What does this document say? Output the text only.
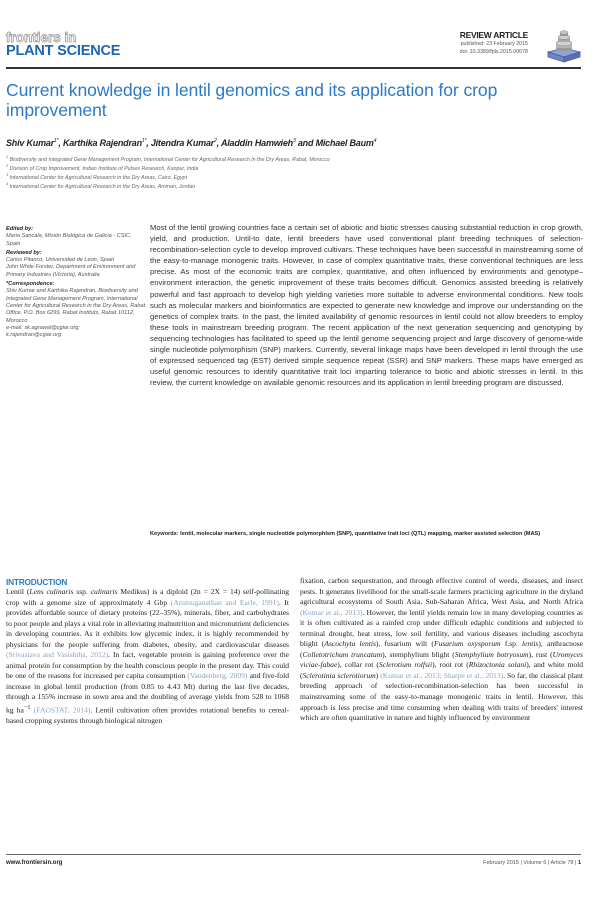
frontiers in
PLANT SCIENCE
REVIEW ARTICLE
published: 23 February 2015
doi: 10.3389/fpls.2015.00078
Current knowledge in lentil genomics and its application for crop improvement
Shiv Kumar$^{1*}$, Karthika Rajendran$^{1*}$, Jitendra Kumar$^2$, Aladdin Hamwieh$^3$ and Michael Baum$^4$
$^1$ Biodiversity and Integrated Gene Management Program, International Center for Agricultural Research in the Dry Areas, Rabat, Morocco
$^2$ Division of Crop Improvement, Indian Institute of Pulses Research, Kanpur, India
$^3$ International Center for Agricultural Research in the Dry Areas, Cairo, Egypt
$^4$ International Center for Agricultural Research in the Dry Areas, Amman, Jordan

Edited by:
Maria Sancala, Misión Biológica de Galicia - CSIC, Spain

Reviewed by:
Carlos Pitanco, Universidad de Leon, Spain
John White Forster, Department of Environment and Primary Industries (Victoria), Australia

*Correspondence:
Shiv Kumar and Karthika Rajendran, Biodiversity and Integrated Gene Management Program, International Center for Agricultural Research in the Dry Areas, Rabat Office, P.O. Box 6299, Rabat Instituts, Rabat 10112, Morocco
e-mail: sk.agrawal@cgiar.org;
k.rajendran@cgiar.org

Most of the lentil growing countries face a certain set of abiotic and biotic stresses causing substantial reduction in crop growth, yield, and production. Until-to date, lentil breeders have used conventional plant breeding techniques of selection-recombination-selection cycle to develop improved cultivars. These techniques have been successful in mainstreaming some of the easy-to-manage monogenic traits. However, in case of complex quantitative traits, these conventional techniques are less precise. As most of the economic traits are complex, quantitative, and often influenced by environments and genotype–environment interaction, the genetic improvement of these traits becomes difficult. Genomics assisted breeding is relatively powerful and fast approach to develop high yielding varieties more suitable to adverse environmental conditions. New tools such as molecular markers and bioinformatics are expected to generate new knowledge and improve our understanding on the genetics of complex traits. In the past, the limited availability of genomic resources in lentil could not allow breeders to employ these tools in mainstream breeding program. The recent application of the next generation sequencing and genotyping by sequencing technologies has facilitated to speed up the lentil genome sequencing project and large discovery of genome-wide single nucleotide polymorphism (SNP) markers. Currently, several linkage maps have been developed in lentil through the use of expressed sequenced tag (EST) derived simple sequence repeat (SSR) and SNP markers. These maps have emerged as useful genomic resources to identify quantitative trait loci imparting tolerance to biotic and abiotic stresses in lentil. In this review, the current knowledge on available genomic resources and its application in lentil breeding program are discussed.
Keywords: lentil, molecular markers, single nucleotide polymorphism (SNP), quantitative trait loci (QTL) mapping, marker assisted selection (MAS)
INTRODUCTION
Lentil (Lens culinaris ssp. culinaris Medikus) is a diploid (2n = 2X = 14) self-pollinating crop with a genome size of approximately 4 Gbp (Arumuganathan and Earle, 1991). It provides affordable source of dietary proteins (22–35%), minerals, fiber, and carbohydrates to poor people and plays a vital role in alleviating malnutrition and micronutrient deficiencies in developing countries. As it exhibits low glycemic index, it is highly recommended by physicians for the people suffering from diabetes, obesity, and cardiovascular diseases (Srivastava and Vasishtha, 2012). In fact, vegetable protein is gaining preference over the animal protein for consumption by the health conscious people in the present day. This could be one of the reasons for increased per capita consumption (Vandenberg, 2009) and five-fold increase in global lentil production (from 0.85 to 4.43 Mt) during the last five decades, through a 155% increase in sown area and the doubling of average yields from 528 to 1068 kg $ha^{-1}$ (FAOSTAT, 2014). Lentil cultivation often provides rotational benefits to cereal-based cropping systems through biological nitrogen
fixation, carbon sequestration, and through effective control of weeds, diseases, and insect pests. It generates livelihood for the small-scale farmers practicing agriculture in the dryland agricultural ecosystems of South Asia, Sub-Saharan Africa, West Asia, and North Africa (Kumar et al., 2013). However, the lentil yields remain low in many developing countries as it is often cultivated as a rainfed crop under difficult edaphic conditions and subjected to terminal drought, heat stress, low soil fertility, and various diseases including ascochyta blight (Ascochyta lentis), fusarium wilt (Fusarium oxysporum f.sp. lentis), anthracnose (Colletotrichum truncatum), stemphylium blight (Stemphylium botryosum), rust (Uromyces viciae-fabae), collar rot (Sclerotium rolfsii), root rot (Rhizoctonia solani), and white mold (Sclerotinia sclerotiorum) (Kumar et al., 2013; Sharpe et al., 2013). So far, the classical plant breeding approach of selection-recombination-selection has been successful in mainstreaming some of the easy-to-manage monogenic traits in lentil. However, this approach is less precise and time consuming when dealing with traits of breeders' interest which are often quantitative in nature and highly influenced by environment
www.frontiersin.org	February 2015 | Volume 6 | Article 78 | 1
